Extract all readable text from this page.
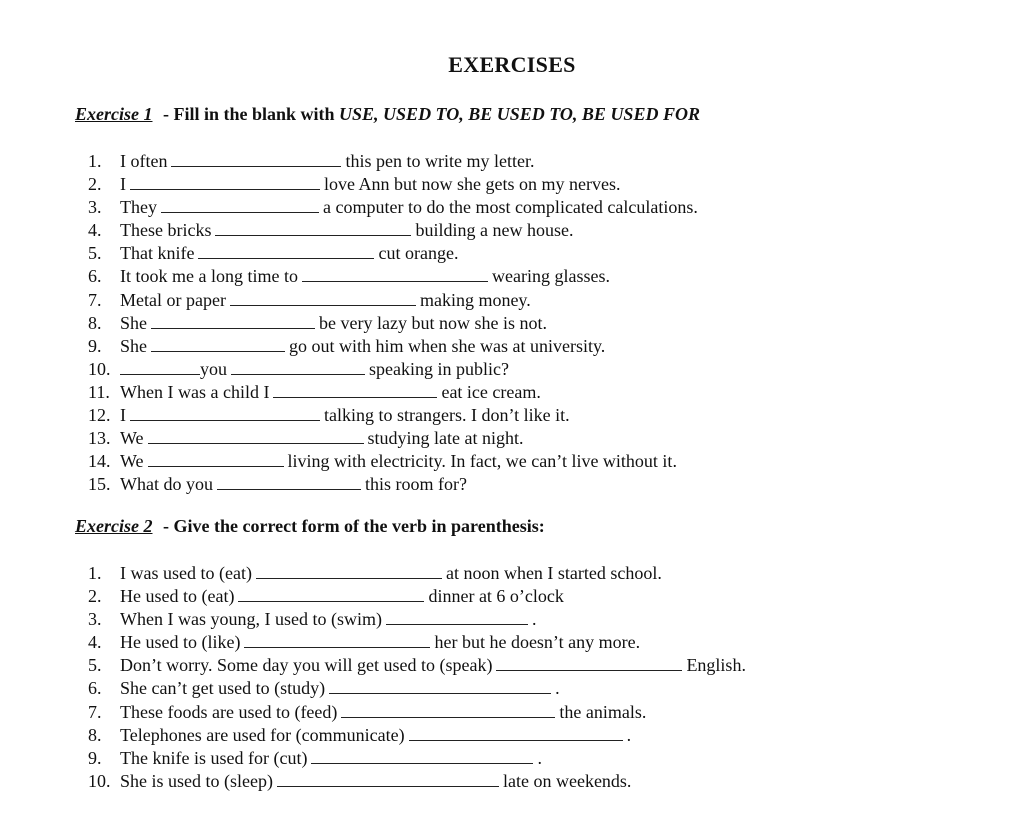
EXERCISES
Exercise 1 - Fill in the blank with USE, USED TO, BE USED TO, BE USED FOR
1. I often	this pen to write my letter.
2. I	love Ann but now she gets on my nerves.
3. They	a computer to do the most complicated calculations.
4. These bricks	building a new house.
5. That knife	cut orange.
6. It took me a long time to	wearing glasses.
7. Metal or paper	making money.
8. She	be very lazy but now she is not.
9. She	go out with him when she was at university.
10.	you	speaking in public?
11. When I was a child I	eat ice cream.
12. I	talking to strangers. I don’t like it.
13. We	studying late at night.
14. We	living with electricity. In fact, we can’t live without it.
15. What do you	this room for?
Exercise 2 - Give the correct form of the verb in parenthesis:
1. I was used to (eat)	at noon when I started school.
2. He used to (eat)	dinner at 6 o’clock
3. When I was young, I used to (swim)	.
4. He used to (like)	her but he doesn’t any more.
5. Don’t worry. Some day you will get used to (speak)	English.
6. She can’t get used to (study)	.
7. These foods are used to (feed)	the animals.
8. Telephones are used for (communicate)	.
9. The knife is used for (cut)	.
10. She is used to (sleep)	late on weekends.
